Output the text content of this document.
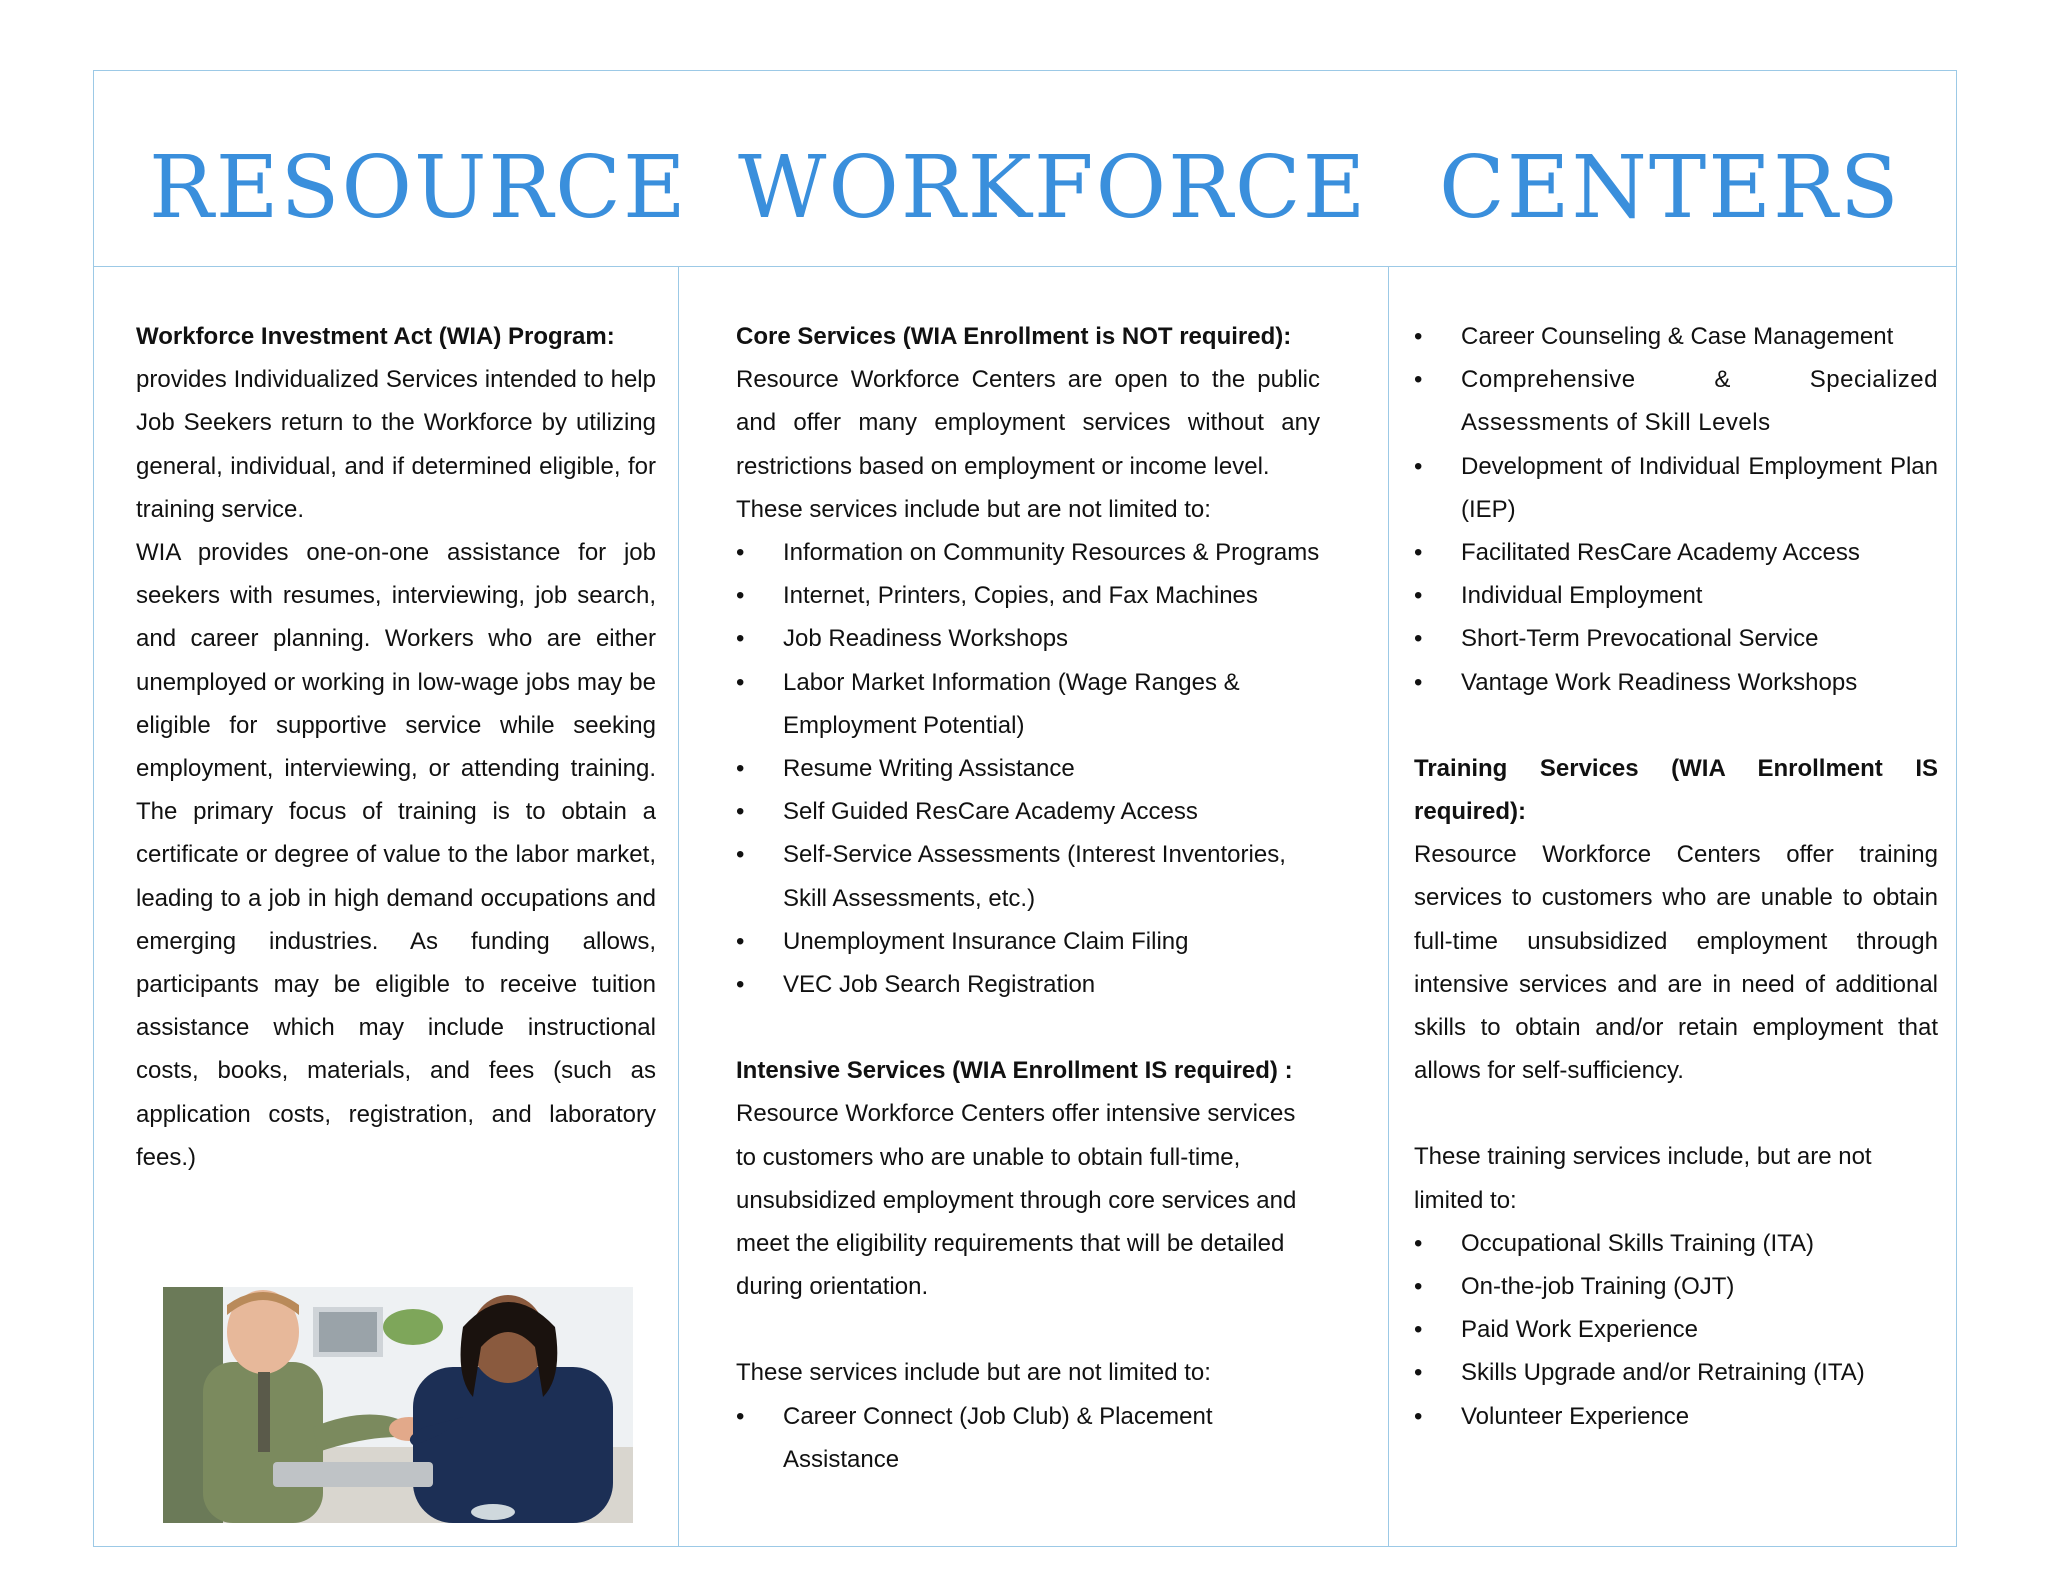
RESOURCE WORKFORCE CENTERS

Workforce Investment Act (WIA) Program:

provides Individualized Services intended to help Job Seekers return to the Workforce by utilizing general, individual, and if determined eligible, for training service.

WIA provides one-on-one assistance for job seekers with resumes, interviewing, job search, and career planning. Workers who are either unemployed or working in low-wage jobs may be eligible for supportive service while seeking employment, interviewing, or attending training. The primary focus of training is to obtain a certificate or degree of value to the labor market, leading to a job in high demand occupations and emerging industries. As funding allows, participants may be eligible to receive tuition assistance which may include instructional costs, books, materials, and fees (such as application costs, registration, and laboratory fees.)

Core Services (WIA Enrollment is NOT required):

Resource Workforce Centers are open to the public and offer many employment services without any restrictions based on employment or income level.

These services include but are not limited to:

• Information on Community Resources & Programs
• Internet, Printers, Copies, and Fax Machines
• Job Readiness Workshops
• Labor Market Information (Wage Ranges & Employment Potential)
• Resume Writing Assistance
• Self Guided ResCare Academy Access
• Self-Service Assessments (Interest Inventories, Skill Assessments, etc.)
• Unemployment Insurance Claim Filing
• VEC Job Search Registration

Intensive Services (WIA Enrollment IS required) :

Resource Workforce Centers offer intensive services to customers who are unable to obtain full-time, unsubsidized employment through core services and meet the eligibility requirements that will be detailed during orientation.

These services include but are not limited to:

• Career Connect (Job Club) & Placement Assistance
• Career Counseling & Case Management
• Comprehensive & Specialized Assessments of Skill Levels
• Development of Individual Employment Plan (IEP)
• Facilitated ResCare Academy Access
• Individual Employment
• Short-Term Prevocational Service
• Vantage Work Readiness Workshops

Training Services (WIA Enrollment IS required):

Resource Workforce Centers offer training services to customers who are unable to obtain full-time unsubsidized employment through intensive services and are in need of additional skills to obtain and/or retain employment that allows for self-sufficiency.

These training services include, but are not limited to:

• Occupational Skills Training (ITA)
• On-the-job Training (OJT)
• Paid Work Experience
• Skills Upgrade and/or Retraining (ITA)
• Volunteer Experience
